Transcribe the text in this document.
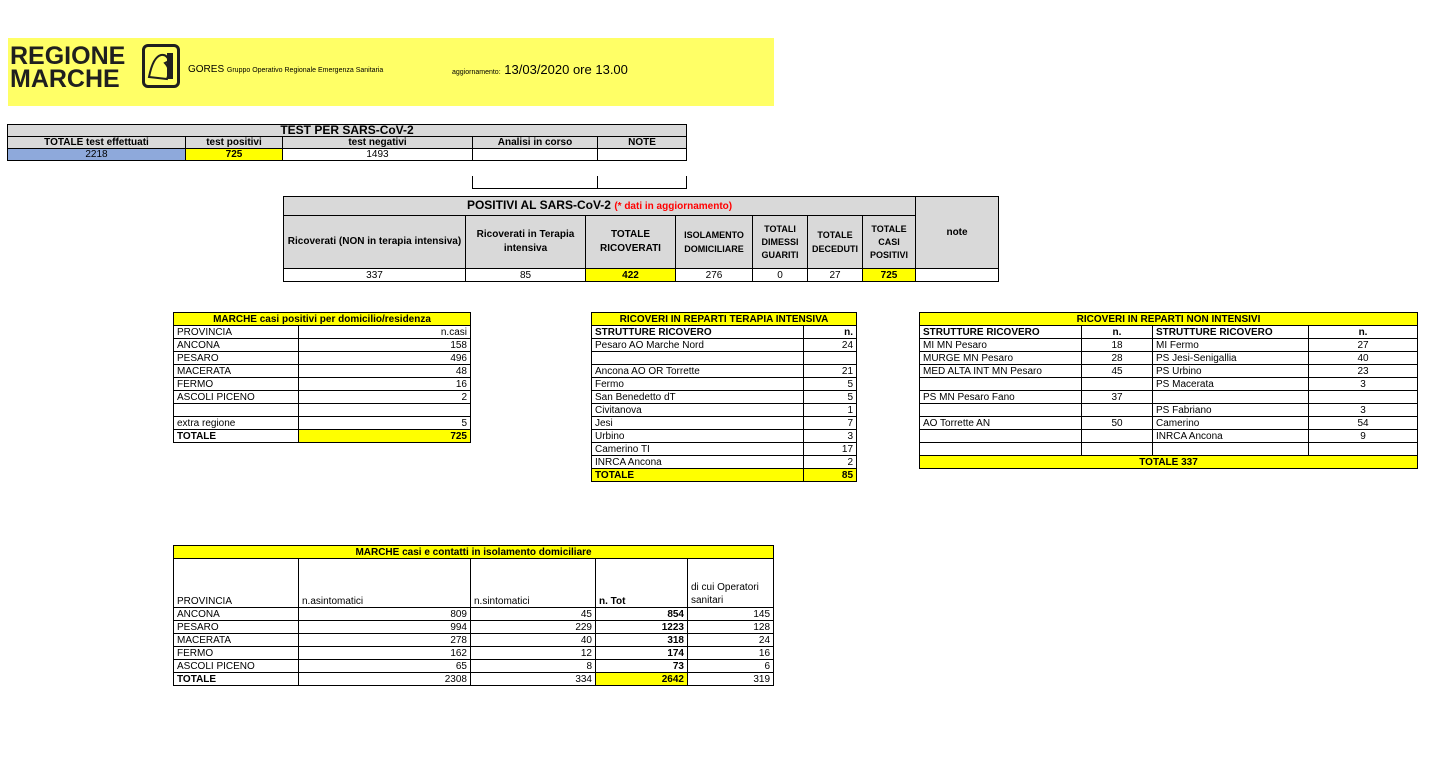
REGIONE
MARCHE	GORES Gruppo Operativo Regionale Emergenza Sanitaria	aggiornamento: 13/03/2020 ore 13.00
TEST PER SARS-CoV-2				
TOTALE test effettuati	test positivi	test negativi	Analisi in corso	NOTE
2218	725	1493		

POSITIVI AL SARS-CoV-2 (* dati in aggiornamento)							note
Ricoverati (NON in terapia intensiva)	Ricoverati in Terapia intensiva	TOTALE RICOVERATI	ISOLAMENTO DOMICILIARE	TOTALI DIMESSI GUARITI	TOTALE DECEDUTI	TOTALE CASI POSITIVI	
337	85	422	276	0	27	725	
MARCHE casi positivi per domicilio/residenza	
PROVINCIA	n.casi
ANCONA	158
PESARO	496
MACERATA	48
FERMO	16
ASCOLI PICENO	2

extra regione	5
TOTALE	725
RICOVERI IN REPARTI TERAPIA INTENSIVA	
STRUTTURE RICOVERO	n.
Pesaro AO Marche Nord	24

Ancona AO OR Torrette	21
Fermo	5
San Benedetto dT	5
Civitanova	1
Jesi	7
Urbino	3
Camerino TI	17
INRCA Ancona	2
TOTALE	85
RICOVERI IN REPARTI NON INTENSIVI			
STRUTTURE RICOVERO	n.	STRUTTURE RICOVERO	n.
MI MN Pesaro	18	MI Fermo	27
MURGE MN Pesaro	28	PS Jesi-Senigallia	40
MED ALTA INT MN Pesaro	45	PS Urbino	23
		PS Macerata	3
PS MN Pesaro Fano	37		
		PS Fabriano	3
AO Torrette AN	50	Camerino	54
		INRCA Ancona	9

TOTALE 337			
MARCHE casi e contatti in isolamento domiciliare				
PROVINCIA	n.asintomatici	n.sintomatici	n. Tot	di cui Operatori sanitari
ANCONA	809	45	854	145
PESARO	994	229	1223	128
MACERATA	278	40	318	24
FERMO	162	12	174	16
ASCOLI PICENO	65	8	73	6
TOTALE	2308	334	2642	319
